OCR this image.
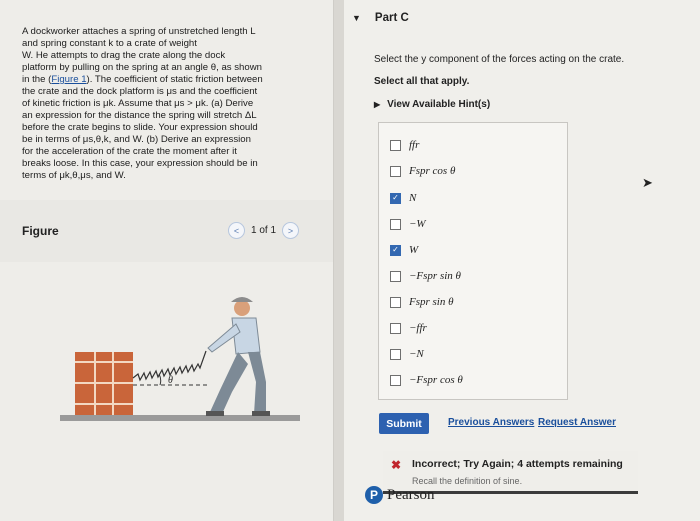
A dockworker attaches a spring of unstretched length L
and spring constant k to a crate of weight
W. He attempts to drag the crate along the dock
platform by pulling on the spring at an angle θ, as shown
in the (Figure 1). The coefficient of static friction between
the crate and the dock platform is μs and the coefficient
of kinetic friction is μk. Assume that μs > μk. (a) Derive
an expression for the distance the spring will stretch ΔL
before the crate begins to slide. Your expression should
be in terms of μs,θ,k, and W. (b) Derive an expression
for the acceleration of the crate the moment after it
breaks loose. In this case, your expression should be in
terms of μk,θ,μs, and W.
Figure	<	1 of 1	>
θ
▼ Part C
Select the y component of the forces acting on the crate.
Select all that apply.
▶ View Available Hint(s)
ffr
Fspr cos θ
✓ N
−W
✓ W
−Fspr sin θ
Fspr sin θ
−ffr
−N
−Fspr cos θ
Submit	Previous Answers Request Answer
✖ Incorrect; Try Again; 4 attempts remaining
Recall the definition of sine.
P Pearson
➤
